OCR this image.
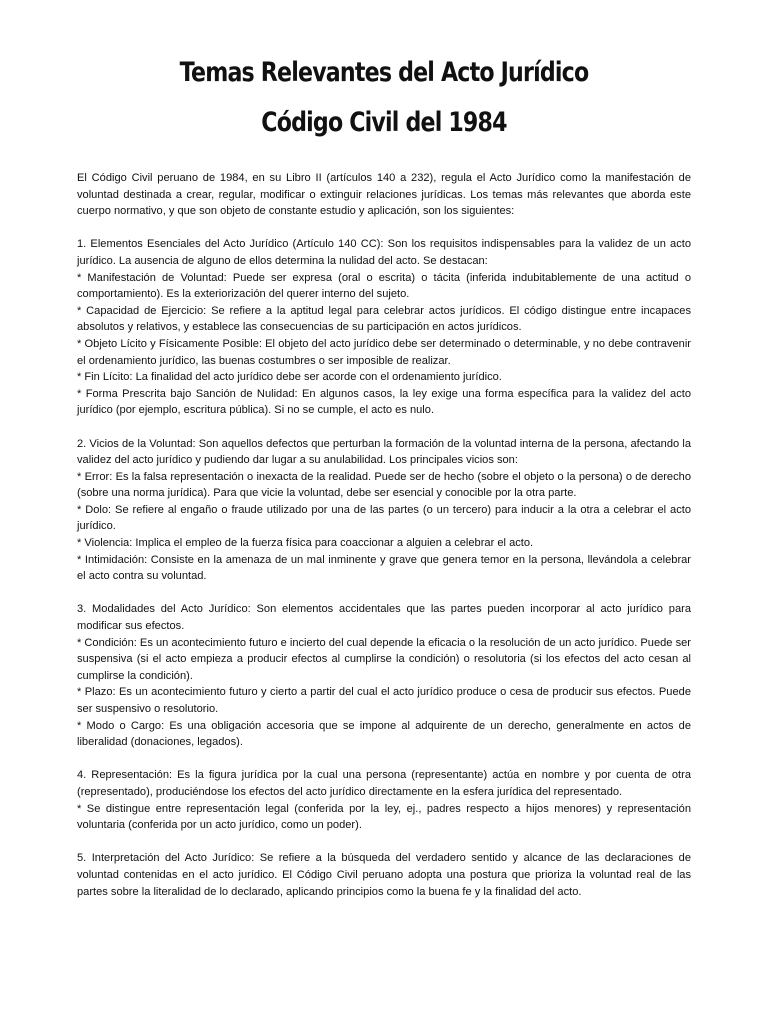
Temas Relevantes del Acto Jurídico
Código Civil del 1984

El Código Civil peruano de 1984, en su Libro II (artículos 140 a 232), regula el Acto Jurídico como la manifestación de voluntad destinada a crear, regular, modificar o extinguir relaciones jurídicas. Los temas más relevantes que aborda este cuerpo normativo, y que son objeto de constante estudio y aplicación, son los siguientes:

1. Elementos Esenciales del Acto Jurídico (Artículo 140 CC): Son los requisitos indispensables para la validez de un acto jurídico. La ausencia de alguno de ellos determina la nulidad del acto. Se destacan:

* Manifestación de Voluntad: Puede ser expresa (oral o escrita) o tácita (inferida indubitablemente de una actitud o comportamiento). Es la exteriorización del querer interno del sujeto.

* Capacidad de Ejercicio: Se refiere a la aptitud legal para celebrar actos jurídicos. El código distingue entre incapaces absolutos y relativos, y establece las consecuencias de su participación en actos jurídicos.

* Objeto Lícito y Físicamente Posible: El objeto del acto jurídico debe ser determinado o determinable, y no debe contravenir el ordenamiento jurídico, las buenas costumbres o ser imposible de realizar.

* Fin Lícito: La finalidad del acto jurídico debe ser acorde con el ordenamiento jurídico.

* Forma Prescrita bajo Sanción de Nulidad: En algunos casos, la ley exige una forma específica para la validez del acto jurídico (por ejemplo, escritura pública). Si no se cumple, el acto es nulo.

2. Vicios de la Voluntad: Son aquellos defectos que perturban la formación de la voluntad interna de la persona, afectando la validez del acto jurídico y pudiendo dar lugar a su anulabilidad. Los principales vicios son:

* Error: Es la falsa representación o inexacta de la realidad. Puede ser de hecho (sobre el objeto o la persona) o de derecho (sobre una norma jurídica). Para que vicie la voluntad, debe ser esencial y conocible por la otra parte.

* Dolo: Se refiere al engaño o fraude utilizado por una de las partes (o un tercero) para inducir a la otra a celebrar el acto jurídico.

* Violencia: Implica el empleo de la fuerza física para coaccionar a alguien a celebrar el acto.

* Intimidación: Consiste en la amenaza de un mal inminente y grave que genera temor en la persona, llevándola a celebrar el acto contra su voluntad.

3. Modalidades del Acto Jurídico: Son elementos accidentales que las partes pueden incorporar al acto jurídico para modificar sus efectos.

* Condición: Es un acontecimiento futuro e incierto del cual depende la eficacia o la resolución de un acto jurídico. Puede ser suspensiva (si el acto empieza a producir efectos al cumplirse la condición) o resolutoria (si los efectos del acto cesan al cumplirse la condición).

* Plazo: Es un acontecimiento futuro y cierto a partir del cual el acto jurídico produce o cesa de producir sus efectos. Puede ser suspensivo o resolutorio.

* Modo o Cargo: Es una obligación accesoria que se impone al adquirente de un derecho, generalmente en actos de liberalidad (donaciones, legados).

4. Representación: Es la figura jurídica por la cual una persona (representante) actúa en nombre y por cuenta de otra (representado), produciéndose los efectos del acto jurídico directamente en la esfera jurídica del representado.

* Se distingue entre representación legal (conferida por la ley, ej., padres respecto a hijos menores) y representación voluntaria (conferida por un acto jurídico, como un poder).

5. Interpretación del Acto Jurídico: Se refiere a la búsqueda del verdadero sentido y alcance de las declaraciones de voluntad contenidas en el acto jurídico. El Código Civil peruano adopta una postura que prioriza la voluntad real de las partes sobre la literalidad de lo declarado, aplicando principios como la buena fe y la finalidad del acto.
